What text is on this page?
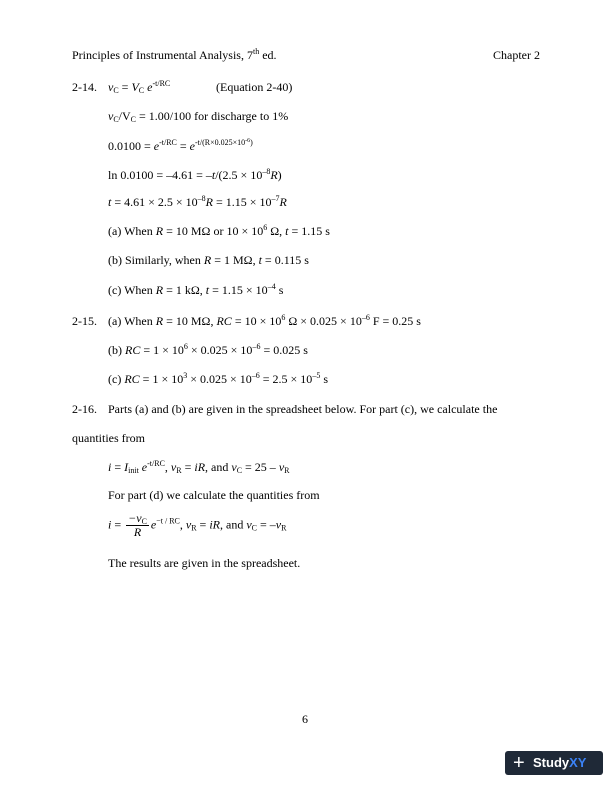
Principles of Instrumental Analysis, 7th ed.	Chapter 2
2-14. $v_C = V_C$ $e^{-t/RC}$	(Equation 2-40)
$v_C/V_C = 1.00/100$ for discharge to 1%
$0.0100 = e^{-t/RC} = e^{-t/(R\times 0.025\times 10^{-6})}$
$\ln 0.0100 = -4.61 = -t/(2.5 \times 10^{-8}R)$
$t = 4.61 \times 2.5 \times 10^{-8}R = 1.15 \times 10^{-7}R$
(a) When R = 10 MΩ or $10 \times 10^6$ Ω, t = 1.15 s
(b) Similarly, when R = 1 MΩ, t = 0.115 s
(c) When R = 1 kΩ, $t = 1.15 \times 10^{-4}$ s
2-15. (a) When R = 10 MΩ, RC = $10 \times 10^6$ $\Omega \times 0.025 \times 10^{-6}$ F = 0.25 s
(b) RC = $1 \times 10^6 \times 0.025 \times 10^{-6} = 0.025$ s
(c) RC = $1 \times 10^3 \times 0.025 \times 10^{-6} = 2.5 \times 10^{-5}$ s
2-16. Parts (a) and (b) are given in the spreadsheet below. For part (c), we calculate the
quantities from
$i = I_{init}$ $e^{-t/RC}$, $v_R$ = iR, and $v_C = 25 - v_R$
For part (d) we calculate the quantities from
$i = \frac{-v_C}{R} e^{-t / RC}$, $v_R$ = iR, and $v_C = -v_R$
The results are given in the spreadsheet.
6
+ StudyXY
